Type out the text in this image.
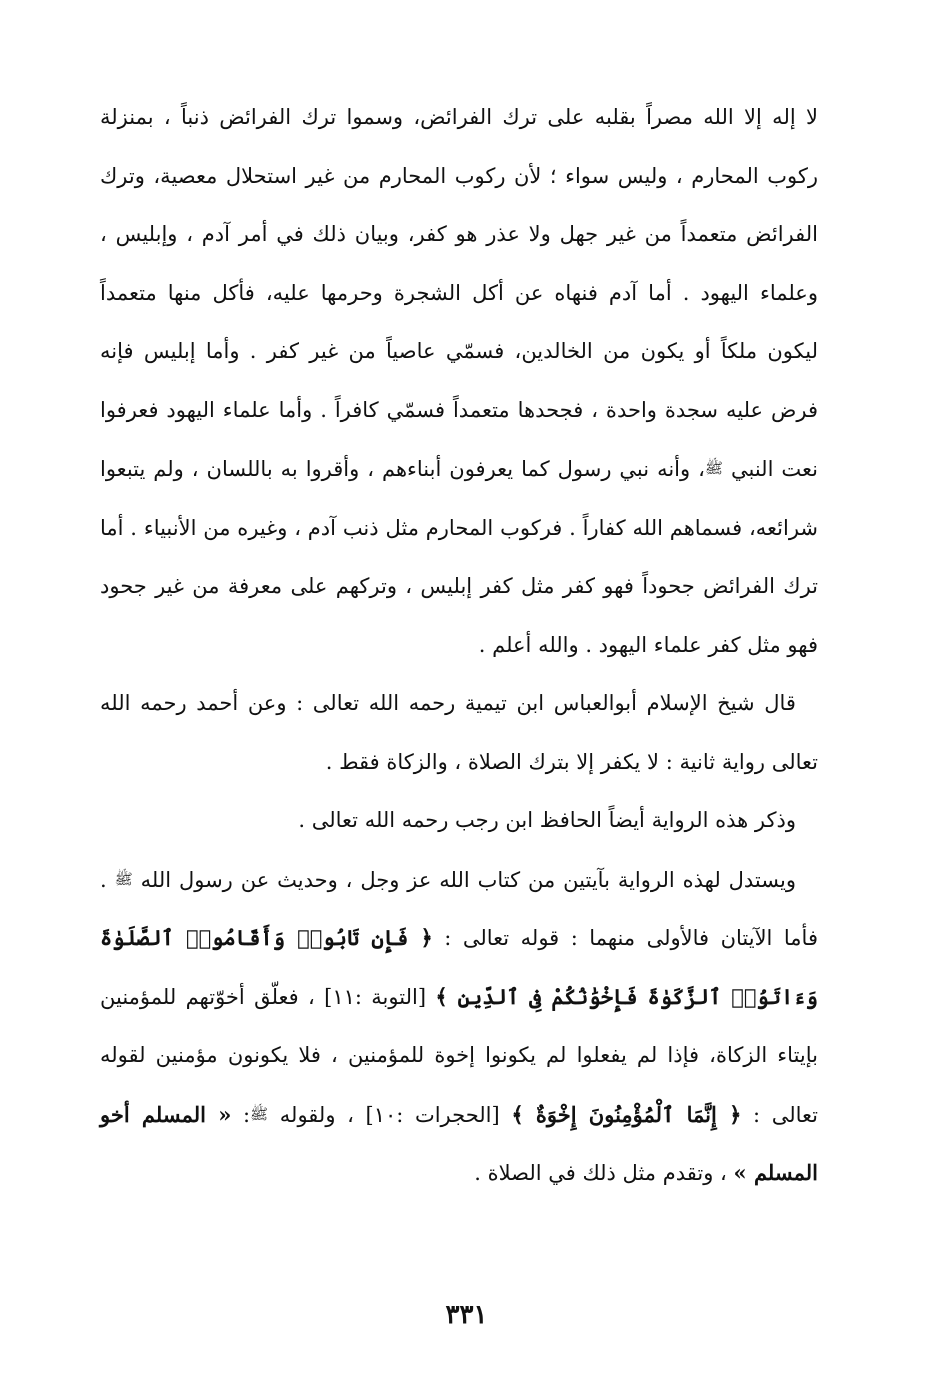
لا إله إلا الله مصراً بقلبه على ترك الفرائض، وسموا ترك الفرائض ذنباً ، بمنزلة ركوب المحارم ، وليس سواء ؛ لأن ركوب المحارم من غير استحلال معصية، وترك الفرائض متعمداً من غير جهل ولا عذر هو كفر، وبيان ذلك في أمر آدم ، وإبليس ، وعلماء اليهود . أما آدم فنهاه عن أكل الشجرة وحرمها عليه، فأكل منها متعمداً ليكون ملكاً أو يكون من الخالدين، فسمّي عاصياً من غير كفر . وأما إبليس فإنه فرض عليه سجدة واحدة ، فجحدها متعمداً فسمّي كافراً . وأما علماء اليهود فعرفوا نعت النبي ﷺ، وأنه نبي رسول كما يعرفون أبناءهم ، وأقروا به باللسان ، ولم يتبعوا شرائعه، فسماهم الله كفاراً . فركوب المحارم مثل ذنب آدم ، وغيره من الأنبياء . أما ترك الفرائض جحوداً فهو كفر مثل كفر إبليس ، وتركهم على معرفة من غير جحود فهو مثل كفر علماء اليهود . والله أعلم .

قال شيخ الإسلام أبوالعباس ابن تيمية رحمه الله تعالى : وعن أحمد رحمه الله تعالى رواية ثانية : لا يكفر إلا بترك الصلاة ، والزكاة فقط .

وذكر هذه الرواية أيضاً الحافظ ابن رجب رحمه الله تعالى .

ويستدل لهذه الرواية بآيتين من كتاب الله عز وجل ، وحديث عن رسول الله ﷺ . فأما الآيتان فالأولى منهما : قوله تعالى : ﴿ فَإِن تَابُوا۟ وَأَقَامُوا۟ ٱلصَّلَوٰةَ وَءَاتَوُا۟ ٱلزَّكَوٰةَ فَإِخْوَٰنُكُمْ فِى ٱلدِّينِ ﴾ [التوبة :١١] ، فعلّق أخوّتهم للمؤمنين بإيتاء الزكاة، فإذا لم يفعلوا لم يكونوا إخوة للمؤمنين ، فلا يكونون مؤمنين لقوله تعالى : ﴿ إِنَّمَا ٱلْمُؤْمِنُونَ إِخْوَةٌ ﴾ [الحجرات :١٠] ، ولقوله ﷺ: « المسلم أخو المسلم » ، وتقدم مثل ذلك في الصلاة .

٣٣١
